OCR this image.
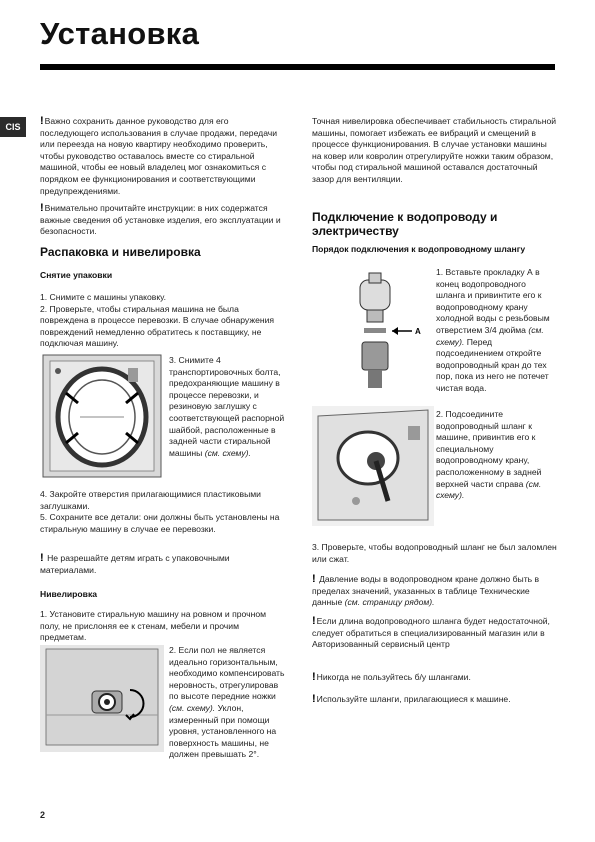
Установка
CIS	!Важно сохранить данное руководство для его последующего использования в случае продажи, передачи или переезда на новую квартиру необходимо проверить, чтобы руководство оставалось вместе со стиральной машиной, чтобы ее новый владелец мог ознакомиться с порядком ее функционирования и соответствующими предупреждениями.
!Внимательно прочитайте инструкции: в них содержатся важные сведения об установке изделия, его эксплуатации и безопасности.
Распаковка и нивелировка
Снятие упаковки
1. Снимите с машины упаковку.
2. Проверьте, чтобы стиральная машина не была повреждена в процессе перевозки. В случае обнаружения повреждений немедленно обратитесь к поставщику, не подключая машину.
3. Снимите 4 транспортировочных болта, предохраняющие машину в процессе перевозки, и резиновую заглушку с соответствующей распорной шайбой, расположенные в задней части стиральной машины (см. схему).
4. Закройте отверстия прилагающимися пластиковыми заглушками.
5. Сохраните все детали: они должны быть установлены на стиральную машину в случае ее перевозки.
! Не разрешайте детям играть с упаковочными материалами.
Нивелировка
1. Установите стиральную машину на ровном и прочном полу, не прислоняя ее к стенам, мебели и прочим предметам.
2. Если пол не является идеально горизонтальным, необходимо компенсировать неровность, отрегулировав по высоте передние ножки (см. схему). Уклон, измеренный при помощи уровня, установленного на поверхность машины, не должен превышать 2°.
Точная нивелировка обеспечивает стабильность стиральной машины, помогает избежать ее вибраций и смещений в процессе функционирования. В случае установки машины на ковер или ковролин отрегулируйте ножки таким образом, чтобы под стиральной машиной оставался достаточный зазор для вентиляции.
Подключение к водопроводу и электричеству
Порядок подключения к водопроводному шлангу
A
1. Вставьте прокладку А в конец водопроводного шланга и привинтите его к водопроводному крану холодной воды с резьбовым отверстием 3/4 дюйма (см. схему). Перед подсоединением откройте водопроводный кран до тех пор, пока из него не потечет чистая вода.
2. Подсоедините водопроводный шланг к машине, привинтив его к специальному водопроводному крану, расположенному в задней верхней части справа (см. схему).
3. Проверьте, чтобы водопроводный шланг не был заломлен или сжат.
! Давление воды в водопроводном кране должно быть в пределах значений, указанных в таблице Технические данные (см. страницу рядом).
!Если длина водопроводного шланга будет недостаточной, следует обратиться в специализированный магазин или в Авторизованный сервисный центр
!Никогда не пользуйтесь б/у шлангами.
!Используйте шланги, прилагающиеся к машине.
2
